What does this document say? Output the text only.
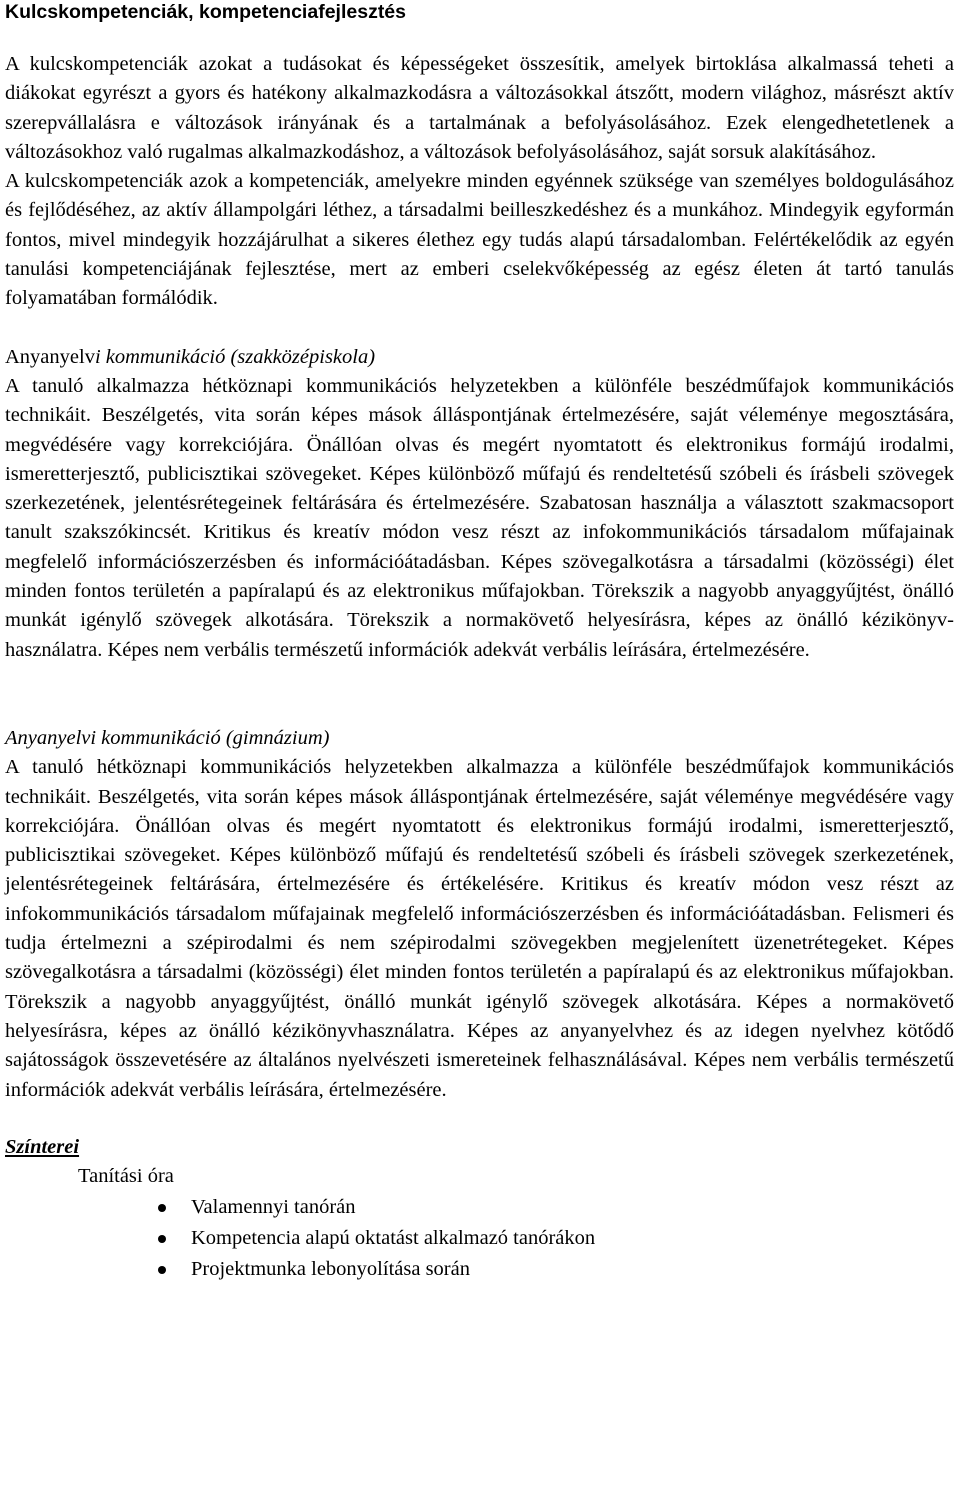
Kulcskompetenciák, kompetenciafejlesztés

A kulcskompetenciák azokat a tudásokat és képességeket összesítik, amelyek birtoklása alkalmassá teheti a diákokat egyrészt a gyors és hatékony alkalmazkodásra a változásokkal átszőtt, modern világhoz, másrészt aktív szerepvállalásra e változások irányának és a tartalmának a befolyásolásához. Ezek elengedhetetlenek a változásokhoz való rugalmas alkalmazkodáshoz, a változások befolyásolásához, saját sorsuk alakításához.

A kulcskompetenciák azok a kompetenciák, amelyekre minden egyénnek szüksége van személyes boldogulásához és fejlődéséhez, az aktív állampolgári léthez, a társadalmi beilleszkedéshez és a munkához. Mindegyik egyformán fontos, mivel mindegyik hozzájárulhat a sikeres élethez egy tudás alapú társadalomban. Felértékelődik az egyén tanulási kompetenciájának fejlesztése, mert az emberi cselekvőképesség az egész életen át tartó tanulás folyamatában formálódik.

Anyanyelvi kommunikáció (szakközépiskola)

A tanuló alkalmazza hétköznapi kommunikációs helyzetekben a különféle beszédműfajok kommunikációs technikáit. Beszélgetés, vita során képes mások álláspontjának értelmezésére, saját véleménye megosztására, megvédésére vagy korrekciójára. Önállóan olvas és megért nyomtatott és elektronikus formájú irodalmi, ismeretterjesztő, publicisztikai szövegeket. Képes különböző műfajú és rendeltetésű szóbeli és írásbeli szövegek szerkezetének, jelentésrétegeinek feltárására és értelmezésére. Szabatosan használja a választott szakmacsoport tanult szakszókincsét. Kritikus és kreatív módon vesz részt az infokommunikációs társadalom műfajainak megfelelő információszerzésben és információátadásban. Képes szövegalkotásra a társadalmi (közösségi) élet minden fontos területén a papíralapú és az elektronikus műfajokban. Törekszik a nagyobb anyaggyűjtést, önálló munkát igénylő szövegek alkotására. Törekszik a normakövető helyesírásra, képes az önálló kézikönyv-használatra. Képes nem verbális természetű információk adekvát verbális leírására, értelmezésére.

Anyanyelvi kommunikáció (gimnázium)

A tanuló hétköznapi kommunikációs helyzetekben alkalmazza a különféle beszédműfajok kommunikációs technikáit. Beszélgetés, vita során képes mások álláspontjának értelmezésére, saját véleménye megvédésére vagy korrekciójára. Önállóan olvas és megért nyomtatott és elektronikus formájú irodalmi, ismeretterjesztő, publicisztikai szövegeket. Képes különböző műfajú és rendeltetésű szóbeli és írásbeli szövegek szerkezetének, jelentésrétegeinek feltárására, értelmezésére és értékelésére. Kritikus és kreatív módon vesz részt az infokommunikációs társadalom műfajainak megfelelő információszerzésben és információátadásban. Felismeri és tudja értelmezni a szépirodalmi és nem szépirodalmi szövegekben megjelenített üzenetrétegeket. Képes szövegalkotásra a társadalmi (közösségi) élet minden fontos területén a papíralapú és az elektronikus műfajokban. Törekszik a nagyobb anyaggyűjtést, önálló munkát igénylő szövegek alkotására. Képes a normakövető helyesírásra, képes az önálló kézikönyvhasználatra. Képes az anyanyelvhez és az idegen nyelvhez kötődő sajátosságok összevetésére az általános nyelvészeti ismereteinek felhasználásával. Képes nem verbális természetű információk adekvát verbális leírására, értelmezésére.

Színterei
Tanítási óra
Valamennyi tanórán
Kompetencia alapú oktatást alkalmazó tanórákon
Projektmunka lebonyolítása során
